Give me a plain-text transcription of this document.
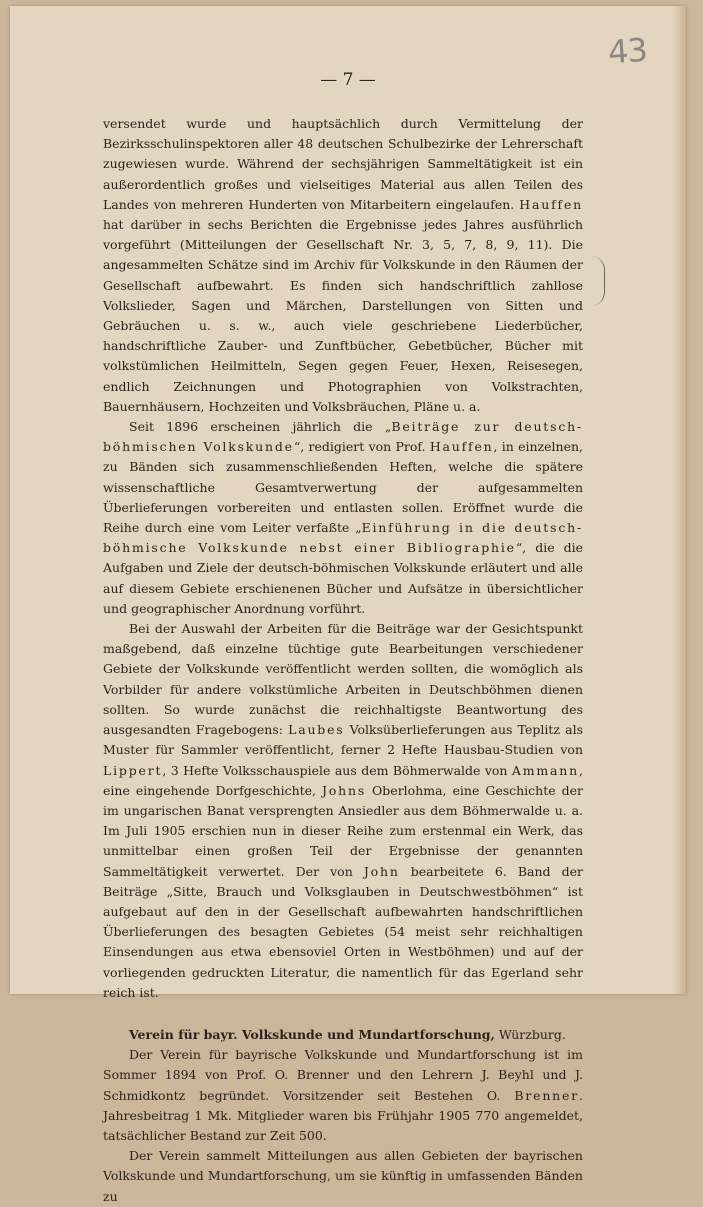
43
— 7 —

versendet wurde und hauptsächlich durch Vermittelung der Bezirksschulinspektoren aller 48 deutschen Schulbezirke der Lehrerschaft zugewiesen wurde. Während der sechsjährigen Sammeltätigkeit ist ein außerordentlich großes und vielseitiges Material aus allen Teilen des Landes von mehreren Hunderten von Mitarbeitern eingelaufen. Hauffen hat darüber in sechs Berichten die Ergebnisse jedes Jahres ausführlich vorgeführt (Mitteilungen der Gesellschaft Nr. 3, 5, 7, 8, 9, 11). Die angesammelten Schätze sind im Archiv für Volkskunde in den Räumen der Gesellschaft aufbewahrt. Es finden sich handschriftlich zahllose Volkslieder, Sagen und Märchen, Darstellungen von Sitten und Gebräuchen u. s. w., auch viele geschriebene Liederbücher, handschriftliche Zauber- und Zunftbücher, Gebetbücher, Bücher mit volkstümlichen Heilmitteln, Segen gegen Feuer, Hexen, Reisesegen, endlich Zeichnungen und Photographien von Volkstrachten, Bauernhäusern, Hochzeiten und Volksbräuchen, Pläne u. a.

Seit 1896 erscheinen jährlich die „Beiträge zur deutsch-böhmischen Volkskunde“, redigiert von Prof. Hauffen, in einzelnen, zu Bänden sich zusammenschließenden Heften, welche die spätere wissenschaftliche Gesamtverwertung der aufgesammelten Überlieferungen vorbereiten und entlasten sollen. Eröffnet wurde die Reihe durch eine vom Leiter verfaßte „Einführung in die deutsch-böhmische Volkskunde nebst einer Bibliographie“, die die Aufgaben und Ziele der deutsch-böhmischen Volkskunde erläutert und alle auf diesem Gebiete erschienenen Bücher und Aufsätze in übersichtlicher und geographischer Anordnung vorführt.

Bei der Auswahl der Arbeiten für die Beiträge war der Gesichtspunkt maßgebend, daß einzelne tüchtige gute Bearbeitungen verschiedener Gebiete der Volkskunde veröffentlicht werden sollten, die womöglich als Vorbilder für andere volkstümliche Arbeiten in Deutschböhmen dienen sollten. So wurde zunächst die reichhaltigste Beantwortung des ausgesandten Fragebogens: Laubes Volksüberlieferungen aus Teplitz als Muster für Sammler veröffentlicht, ferner 2 Hefte Hausbau-Studien von Lippert, 3 Hefte Volksschauspiele aus dem Böhmerwalde von Ammann, eine eingehende Dorfgeschichte, Johns Oberlohma, eine Geschichte der im ungarischen Banat versprengten Ansiedler aus dem Böhmerwalde u. a. Im Juli 1905 erschien nun in dieser Reihe zum erstenmal ein Werk, das unmittelbar einen großen Teil der Ergebnisse der genannten Sammeltätigkeit verwertet. Der von John bearbeitete 6. Band der Beiträge „Sitte, Brauch und Volksglauben in Deutschwestböhmen“ ist aufgebaut auf den in der Gesellschaft aufbewahrten handschriftlichen Überlieferungen des besagten Gebietes (54 meist sehr reichhaltigen Einsendungen aus etwa ebensoviel Orten in Westböhmen) und auf der vorliegenden gedruckten Literatur, die namentlich für das Egerland sehr reich ist.

Verein für bayr. Volkskunde und Mundartforschung, Würzburg.

Der Verein für bayrische Volkskunde und Mundartforschung ist im Sommer 1894 von Prof. O. Brenner und den Lehrern J. Beyhl und J. Schmidkontz begründet. Vorsitzender seit Bestehen O. Brenner. Jahresbeitrag 1 Mk. Mitglieder waren bis Frühjahr 1905 770 angemeldet, tatsächlicher Bestand zur Zeit 500.

Der Verein sammelt Mitteilungen aus allen Gebieten der bayrischen Volkskunde und Mundartforschung, um sie künftig in umfassenden Bänden zu
